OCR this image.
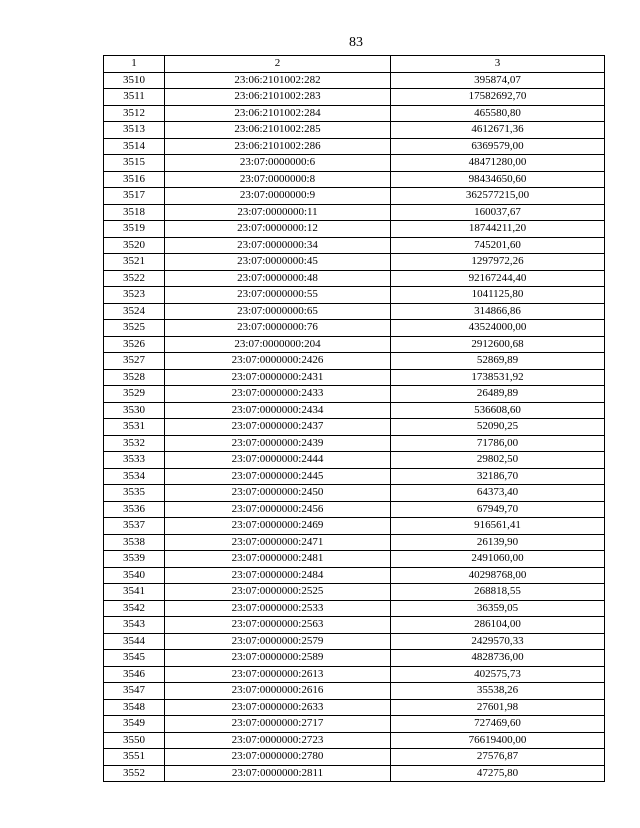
83
1	2	3
3510	23:06:2101002:282	395874,07
3511	23:06:2101002:283	17582692,70
3512	23:06:2101002:284	465580,80
3513	23:06:2101002:285	4612671,36
3514	23:06:2101002:286	6369579,00
3515	23:07:0000000:6	48471280,00
3516	23:07:0000000:8	98434650,60
3517	23:07:0000000:9	362577215,00
3518	23:07:0000000:11	160037,67
3519	23:07:0000000:12	18744211,20
3520	23:07:0000000:34	745201,60
3521	23:07:0000000:45	1297972,26
3522	23:07:0000000:48	92167244,40
3523	23:07:0000000:55	1041125,80
3524	23:07:0000000:65	314866,86
3525	23:07:0000000:76	43524000,00
3526	23:07:0000000:204	2912600,68
3527	23:07:0000000:2426	52869,89
3528	23:07:0000000:2431	1738531,92
3529	23:07:0000000:2433	26489,89
3530	23:07:0000000:2434	536608,60
3531	23:07:0000000:2437	52090,25
3532	23:07:0000000:2439	71786,00
3533	23:07:0000000:2444	29802,50
3534	23:07:0000000:2445	32186,70
3535	23:07:0000000:2450	64373,40
3536	23:07:0000000:2456	67949,70
3537	23:07:0000000:2469	916561,41
3538	23:07:0000000:2471	26139,90
3539	23:07:0000000:2481	2491060,00
3540	23:07:0000000:2484	40298768,00
3541	23:07:0000000:2525	268818,55
3542	23:07:0000000:2533	36359,05
3543	23:07:0000000:2563	286104,00
3544	23:07:0000000:2579	2429570,33
3545	23:07:0000000:2589	4828736,00
3546	23:07:0000000:2613	402575,73
3547	23:07:0000000:2616	35538,26
3548	23:07:0000000:2633	27601,98
3549	23:07:0000000:2717	727469,60
3550	23:07:0000000:2723	76619400,00
3551	23:07:0000000:2780	27576,87
3552	23:07:0000000:2811	47275,80
